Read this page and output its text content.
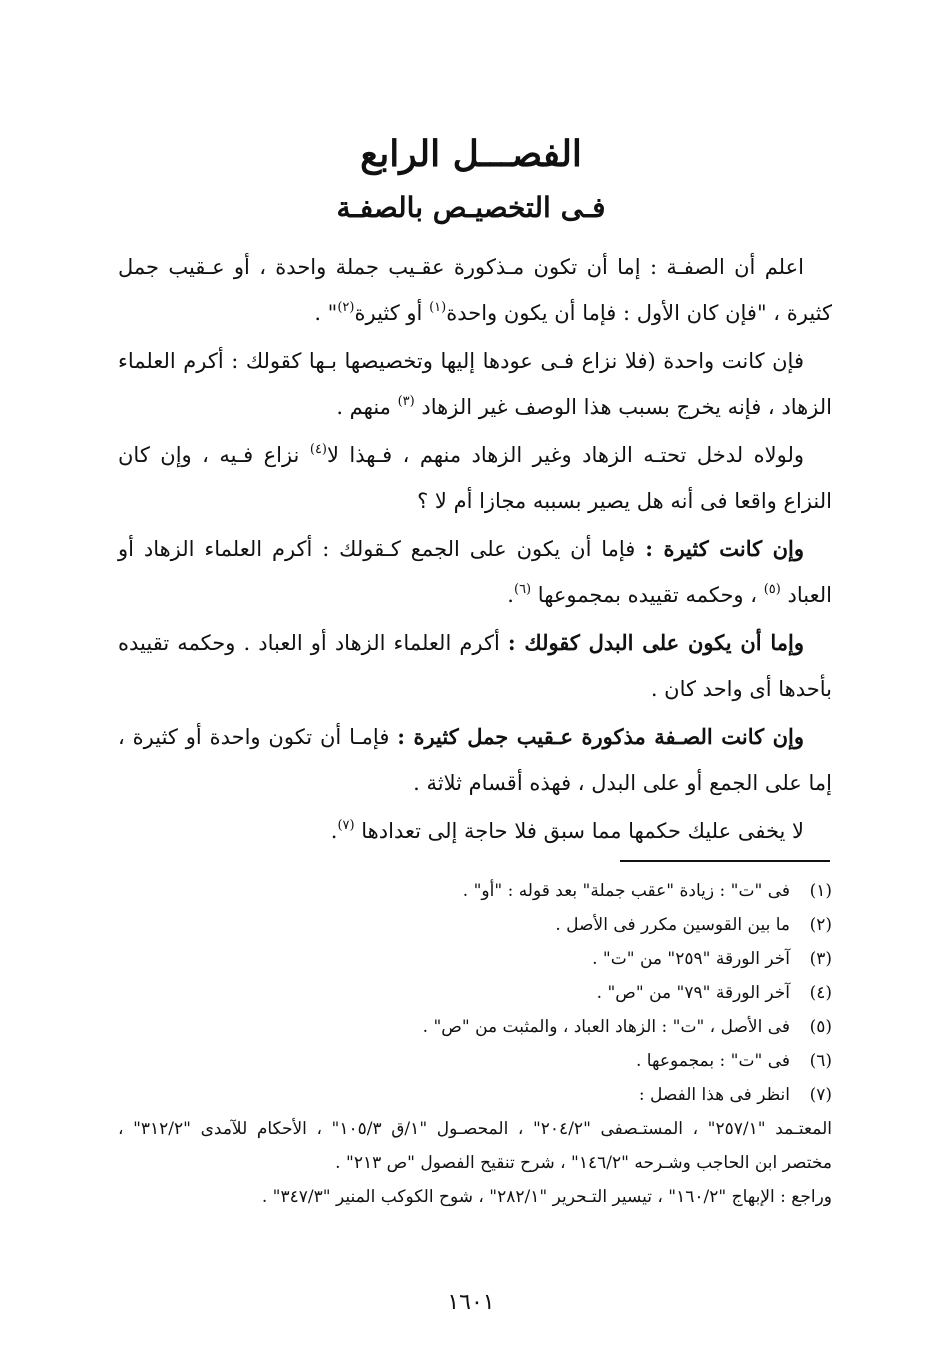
الفصـــل الرابع
فـى التخصيـص بالصفـة

اعلم أن الصفـة : إما أن تكون مـذكورة عقـيب جملة واحدة ، أو عـقيب جمل كثيرة ، "فإن كان الأول : فإما أن يكون واحدة$^{(١)}$ أو كثيرة$^{(٢)}$" .

فإن كانت واحدة (فلا نزاع فـى عودها إليها وتخصيصها بـها كقولك : أكرم العلماء الزهاد ، فإنه يخرج بسبب هذا الوصف غير الزهاد $^{(٣)}$ منهم .

ولولاه لدخل تحتـه الزهاد وغير الزهاد منهم ، فـهذا لا$^{(٤)}$ نزاع فـيه ، وإن كان النزاع واقعا فى أنه هل يصير بسببه مجازا أم لا ؟

وإن كانت كثيرة : فإما أن يكون على الجمع كـقولك : أكرم العلماء الزهاد أو العباد $^{(٥)}$ ، وحكمه تقييده بمجموعها $^{(٦)}$.

وإما أن يكون على البدل كقولك : أكرم العلماء الزهاد أو العباد . وحكمه تقييده بأحدها أى واحد كان .

وإن كانت الصـفة مذكورة عـقيب جمل كثيرة : فإمـا أن تكون واحدة أو كثيرة ، إما على الجمع أو على البدل ، فهذه أقسام ثلاثة .

لا يخفى عليك حكمها مما سبق فلا حاجة إلى تعدادها $^{(٧)}$.

(١)
فى "ت" : زيادة "عقب جملة" بعد قوله : "أو" .
(٢)
ما بين القوسين مكرر فى الأصل .
(٣)
آخر الورقة "٢٥٩" من "ت" .
(٤)
آخر الورقة "٧٩" من "ص" .
(٥)
فى الأصل ، "ت" : الزهاد العباد ، والمثبت من "ص" .
(٦)
فى "ت" : بمجموعها .
(٧)
انظر فى هذا الفصل :

المعتـمد "٢٥٧/١" ، المستـصفى "٢٠٤/٢" ، المحصـول "١/ق ١٠٥/٣" ، الأحكام للآمدى "٣١٢/٢" ، مختصر ابن الحاجب وشـرحه "١٤٦/٢" ، شرح تنقيح الفصول "ص ٢١٣" .

وراجع : الإبهاج "١٦٠/٢" ، تيسير التـحرير "٢٨٢/١" ، شوح الكوكب المنير "٣٤٧/٣" .

١٦٠١
